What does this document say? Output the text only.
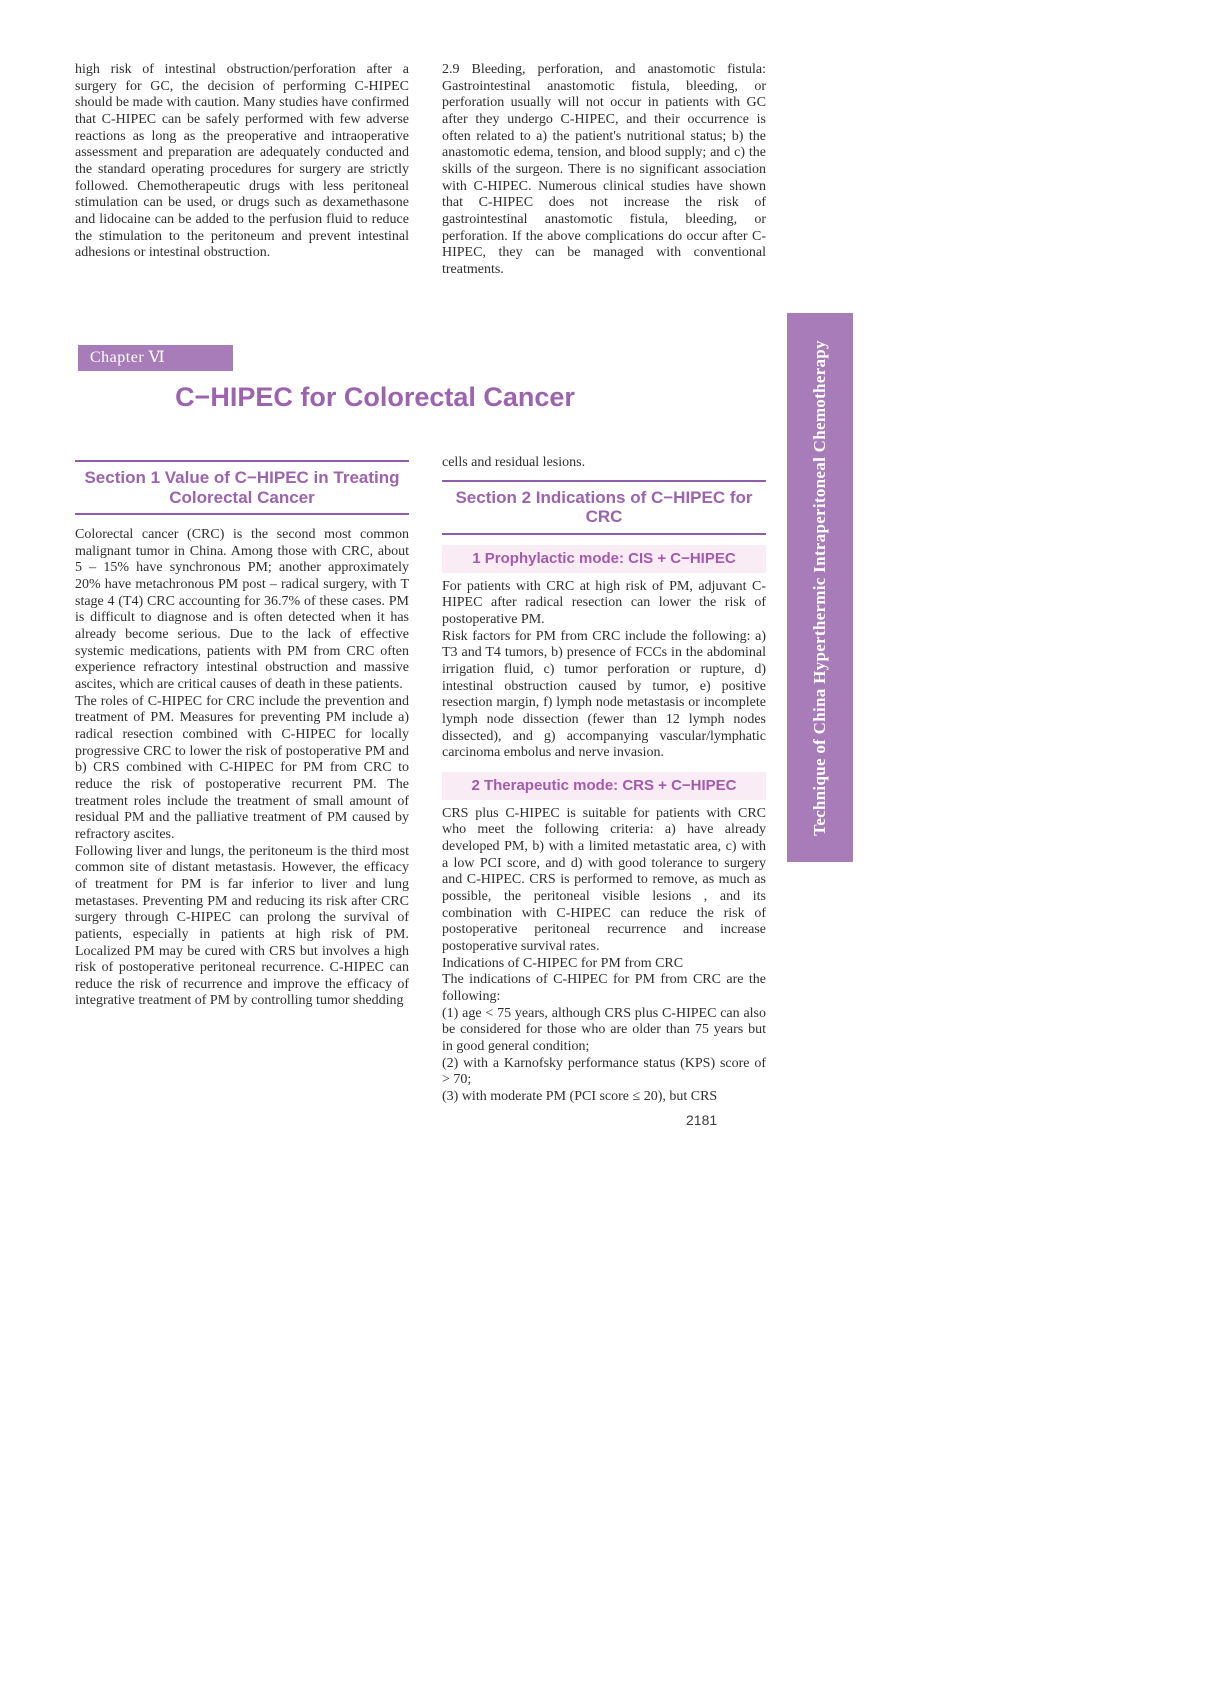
high risk of intestinal obstruction/perforation after a surgery for GC, the decision of performing C-HIPEC should be made with caution. Many studies have confirmed that C-HIPEC can be safely performed with few adverse reactions as long as the preoperative and intraoperative assessment and preparation are adequately conducted and the standard operating procedures for surgery are strictly followed. Chemotherapeutic drugs with less peritoneal stimulation can be used, or drugs such as dexamethasone and lidocaine can be added to the perfusion fluid to reduce the stimulation to the peritoneum and prevent intestinal adhesions or intestinal obstruction.

2.9 Bleeding, perforation, and anastomotic fistula: Gastrointestinal anastomotic fistula, bleeding, or perforation usually will not occur in patients with GC after they undergo C-HIPEC, and their occurrence is often related to a) the patient's nutritional status; b) the anastomotic edema, tension, and blood supply; and c) the skills of the surgeon. There is no significant association with C-HIPEC. Numerous clinical studies have shown that C-HIPEC does not increase the risk of gastrointestinal anastomotic fistula, bleeding, or perforation. If the above complications do occur after C-HIPEC, they can be managed with conventional treatments.

Chapter Ⅵ
C−HIPEC for Colorectal Cancer
Section 1 Value of C−HIPEC in Treating Colorectal Cancer

Colorectal cancer (CRC) is the second most common malignant tumor in China. Among those with CRC, about 5 – 15% have synchronous PM; another approximately 20% have metachronous PM post – radical surgery, with T stage 4 (T4) CRC accounting for 36.7% of these cases. PM is difficult to diagnose and is often detected when it has already become serious. Due to the lack of effective systemic medications, patients with PM from CRC often experience refractory intestinal obstruction and massive ascites, which are critical causes of death in these patients.

The roles of C-HIPEC for CRC include the prevention and treatment of PM. Measures for preventing PM include a) radical resection combined with C-HIPEC for locally progressive CRC to lower the risk of postoperative PM and b) CRS combined with C-HIPEC for PM from CRC to reduce the risk of postoperative recurrent PM. The treatment roles include the treatment of small amount of residual PM and the palliative treatment of PM caused by refractory ascites.

Following liver and lungs, the peritoneum is the third most common site of distant metastasis. However, the efficacy of treatment for PM is far inferior to liver and lung metastases. Preventing PM and reducing its risk after CRC surgery through C-HIPEC can prolong the survival of patients, especially in patients at high risk of PM. Localized PM may be cured with CRS but involves a high risk of postoperative peritoneal recurrence. C-HIPEC can reduce the risk of recurrence and improve the efficacy of integrative treatment of PM by controlling tumor shedding

cells and residual lesions.

Section 2 Indications of C−HIPEC for CRC
1 Prophylactic mode: CIS + C−HIPEC

For patients with CRC at high risk of PM, adjuvant C-HIPEC after radical resection can lower the risk of postoperative PM.

Risk factors for PM from CRC include the following: a) T3 and T4 tumors, b) presence of FCCs in the abdominal irrigation fluid, c) tumor perforation or rupture, d) intestinal obstruction caused by tumor, e) positive resection margin, f) lymph node metastasis or incomplete lymph node dissection (fewer than 12 lymph nodes dissected), and g) accompanying vascular/lymphatic carcinoma embolus and nerve invasion.

2 Therapeutic mode: CRS + C−HIPEC

CRS plus C-HIPEC is suitable for patients with CRC who meet the following criteria: a) have already developed PM, b) with a limited metastatic area, c) with a low PCI score, and d) with good tolerance to surgery and C-HIPEC. CRS is performed to remove, as much as possible, the peritoneal visible lesions , and its combination with C-HIPEC can reduce the risk of postoperative peritoneal recurrence and increase postoperative survival rates.

Indications of C-HIPEC for PM from CRC

The indications of C-HIPEC for PM from CRC are the following:

(1) age < 75 years, although CRS plus C-HIPEC can also be considered for those who are older than 75 years but in good general condition;

(2) with a Karnofsky performance status (KPS) score of > 70;

(3) with moderate PM (PCI score ≤ 20), but CRS

Technique of China Hyperthermic Intraperitoneal Chemotherapy
2181
